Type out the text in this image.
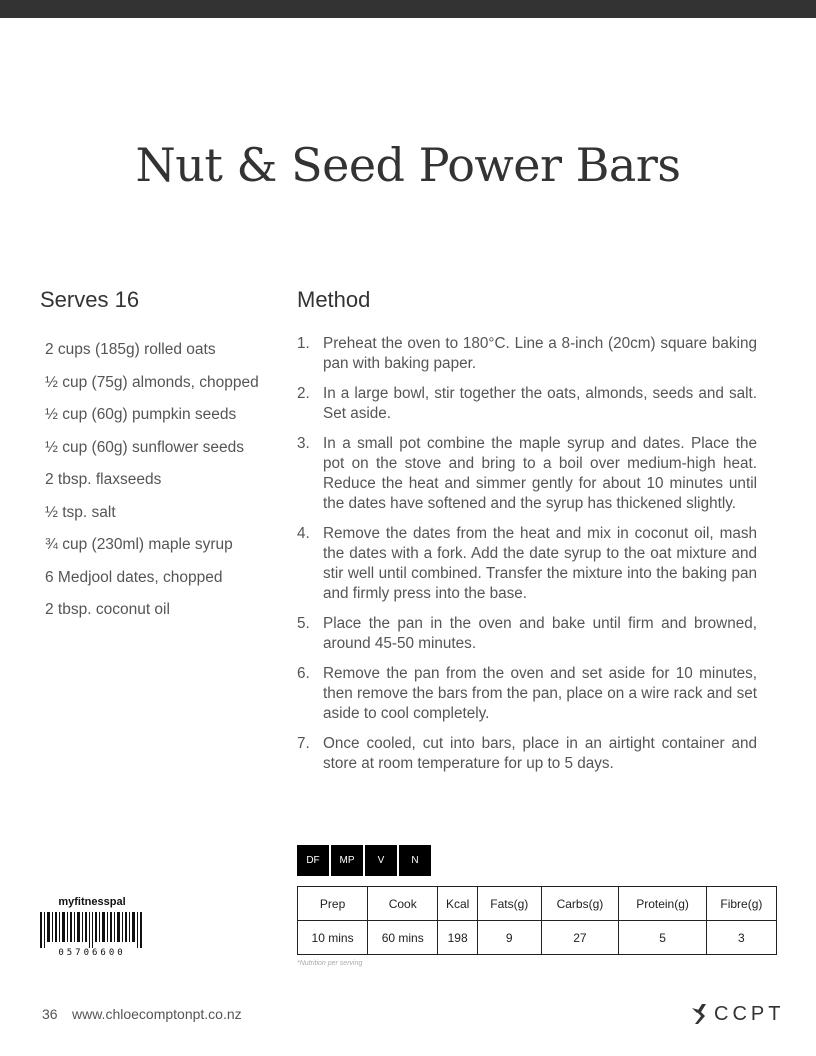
Nut & Seed Power Bars
Serves 16	Method
2 cups (185g) rolled oats
½ cup (75g) almonds, chopped
½ cup (60g) pumpkin seeds
½ cup (60g) sunflower seeds
2 tbsp. flaxseeds
½ tsp. salt
¾ cup (230ml) maple syrup
6 Medjool dates, chopped
2 tbsp. coconut oil
1. Preheat the oven to 180°C. Line a 8-inch (20cm) square baking pan with baking paper.
2. In a large bowl, stir together the oats, almonds, seeds and salt. Set aside.
3. In a small pot combine the maple syrup and dates. Place the pot on the stove and bring to a boil over medium-high heat. Reduce the heat and simmer gently for about 10 minutes until the dates have softened and the syrup has thickened slightly.
4. Remove the dates from the heat and mix in coconut oil, mash the dates with a fork. Add the date syrup to the oat mixture and stir well until combined. Transfer the mixture into the baking pan and firmly press into the base.
5. Place the pan in the oven and bake until firm and browned, around 45-50 minutes.
6. Remove the pan from the oven and set aside for 10 minutes, then remove the bars from the pan, place on a wire rack and set aside to cool completely.
7. Once cooled, cut into bars, place in an airtight container and store at room temperature for up to 5 days.
DF	MP	V	N
Prep	Cook	Kcal	Fats(g)	Carbs(g)	Protein(g)	Fibre(g)
10 mins	60 mins	198	9	27	5	3
*Nutrition per serving
myfitnesspal
05706600
36 www.chloecomptonpt.co.nz	CCPT
